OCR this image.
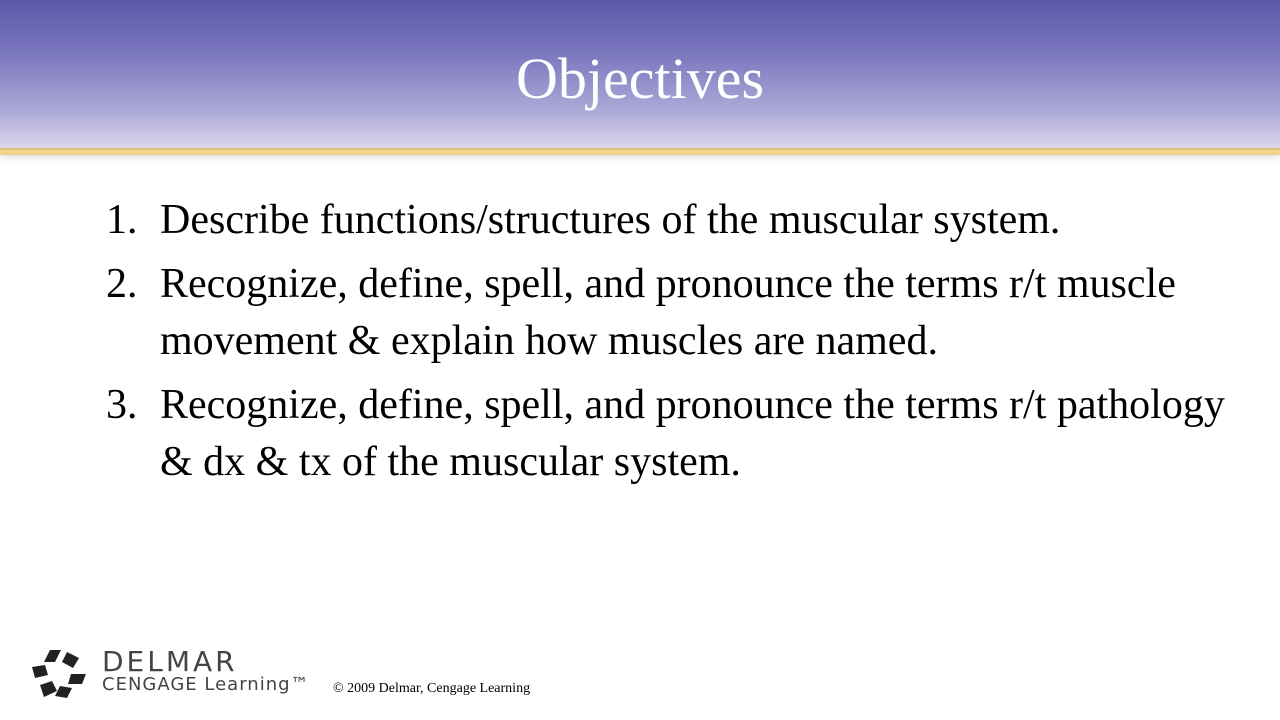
Objectives
1. Describe functions/structures of the muscular system.
2. Recognize, define, spell, and pronounce the terms r/t muscle movement & explain how muscles are named.
3. Recognize, define, spell, and pronounce the terms r/t pathology & dx & tx of the muscular system.
DELMAR
CENGAGE Learning™ © 2009 Delmar, Cengage Learning
